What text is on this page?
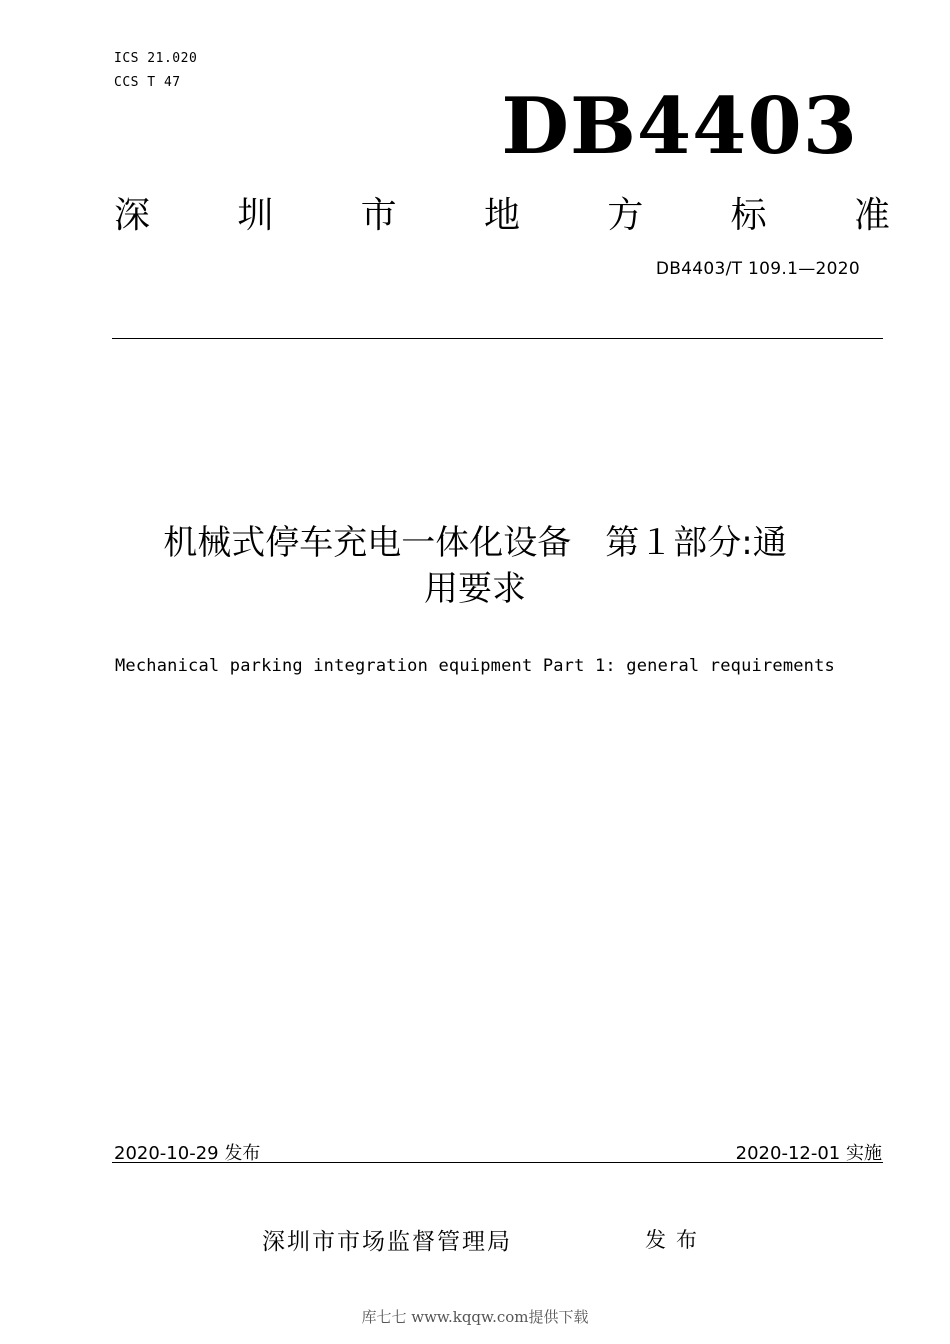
ICS 21.020
CCS T 47	DB4403
深 圳 市 地 方 标 准
DB4403/T 109.1—2020
机械式停车充电一体化设备　第１部分:通
用要求
Mechanical parking integration equipment Part 1: general requirements
2020-10-29 发布	2020-12-01 实施
深圳市市场监督管理局	发布
库七七 www.kqqw.com提供下载
